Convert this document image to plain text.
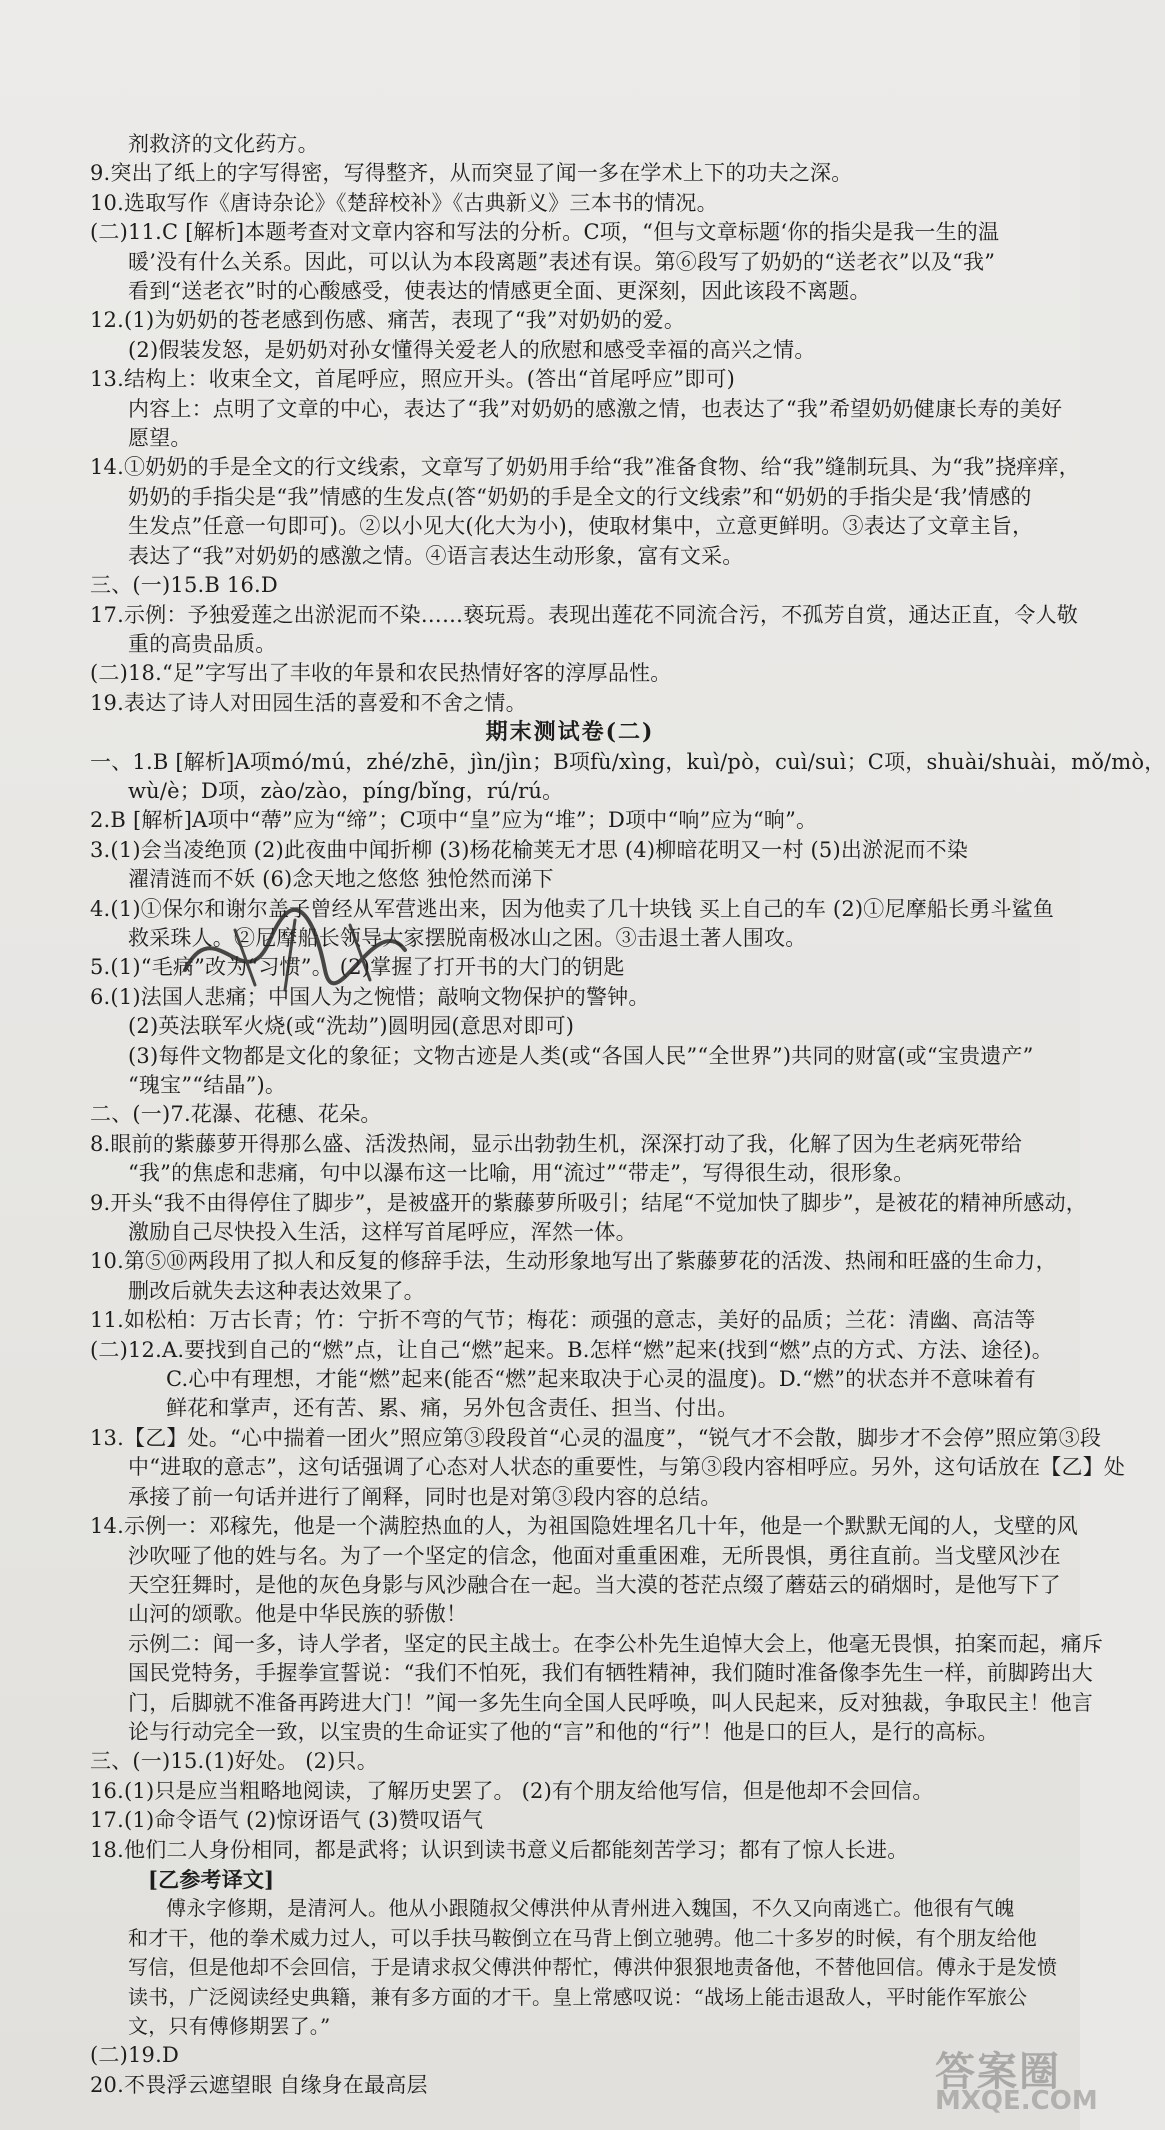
剂救济的文化药方。
9.突出了纸上的字写得密，写得整齐，从而突显了闻一多在学术上下的功夫之深。
10.选取写作《唐诗杂论》《楚辞校补》《古典新义》三本书的情况。
(二)11.C [解析]本题考查对文章内容和写法的分析。C项，“但与文章标题‘你的指尖是我一生的温
暖’没有什么关系。因此，可以认为本段离题”表述有误。第⑥段写了奶奶的“送老衣”以及“我”
看到“送老衣”时的心酸感受，使表达的情感更全面、更深刻，因此该段不离题。
12.(1)为奶奶的苍老感到伤感、痛苦，表现了“我”对奶奶的爱。
(2)假装发怒，是奶奶对孙女懂得关爱老人的欣慰和感受幸福的高兴之情。
13.结构上：收束全文，首尾呼应，照应开头。(答出“首尾呼应”即可)
内容上：点明了文章的中心，表达了“我”对奶奶的感激之情，也表达了“我”希望奶奶健康长寿的美好
愿望。
14.①奶奶的手是全文的行文线索，文章写了奶奶用手给“我”准备食物、给“我”缝制玩具、为“我”挠痒痒，
奶奶的手指尖是“我”情感的生发点(答“奶奶的手是全文的行文线索”和“奶奶的手指尖是‘我’情感的
生发点”任意一句即可)。②以小见大(化大为小)，使取材集中，立意更鲜明。③表达了文章主旨，
表达了“我”对奶奶的感激之情。④语言表达生动形象，富有文采。
三、(一)15.B 16.D
17.示例：予独爱莲之出淤泥而不染……亵玩焉。表现出莲花不同流合污，不孤芳自赏，通达正直，令人敬
重的高贵品质。
(二)18.“足”字写出了丰收的年景和农民热情好客的淳厚品性。
19.表达了诗人对田园生活的喜爱和不舍之情。
期末测试卷(二)
一、1.B [解析]A项mó/mú，zhé/zhē，jìn/jìn；B项fù/xìng，kuì/pò，cuì/suì；C项，shuài/shuài，mǒ/mò，
wù/è；D项，zào/zào，píng/bǐng，rú/rú。
2.B [解析]A项中“蔕”应为“缔”；C项中“皇”应为“堆”；D项中“响”应为“晌”。
3.(1)会当凌绝顶 (2)此夜曲中闻折柳 (3)杨花榆荚无才思 (4)柳暗花明又一村 (5)出淤泥而不染
濯清涟而不妖 (6)念天地之悠悠 独怆然而涕下
4.(1)①保尔和谢尔盖子曾经从军营逃出来，因为他卖了几十块钱 买上自己的车 (2)①尼摩船长勇斗鲨鱼
救采珠人。②尼摩船长领导大家摆脱南极冰山之困。③击退土著人围攻。
5.(1)“毛病”改为“习惯”。 (2)掌握了打开书的大门的钥匙
6.(1)法国人悲痛；中国人为之惋惜；敲响文物保护的警钟。
(2)英法联军火烧(或“洗劫”)圆明园(意思对即可)
(3)每件文物都是文化的象征；文物古迹是人类(或“各国人民”“全世界”)共同的财富(或“宝贵遗产”
“瑰宝”“结晶”)。
二、(一)7.花瀑、花穗、花朵。
8.眼前的紫藤萝开得那么盛、活泼热闹，显示出勃勃生机，深深打动了我，化解了因为生老病死带给
“我”的焦虑和悲痛，句中以瀑布这一比喻，用“流过”“带走”，写得很生动，很形象。
9.开头“我不由得停住了脚步”，是被盛开的紫藤萝所吸引；结尾“不觉加快了脚步”，是被花的精神所感动，
激励自己尽快投入生活，这样写首尾呼应，浑然一体。
10.第⑤⑩两段用了拟人和反复的修辞手法，生动形象地写出了紫藤萝花的活泼、热闹和旺盛的生命力，
删改后就失去这种表达效果了。
11.如松柏：万古长青；竹：宁折不弯的气节；梅花：顽强的意志，美好的品质；兰花：清幽、高洁等
(二)12.A.要找到自己的“燃”点，让自己“燃”起来。B.怎样“燃”起来(找到“燃”点的方式、方法、途径)。
C.心中有理想，才能“燃”起来(能否“燃”起来取决于心灵的温度)。D.“燃”的状态并不意味着有
鲜花和掌声，还有苦、累、痛，另外包含责任、担当、付出。
13.【乙】处。“心中揣着一团火”照应第③段段首“心灵的温度”，“锐气才不会散，脚步才不会停”照应第③段
中“进取的意志”，这句话强调了心态对人状态的重要性，与第③段内容相呼应。另外，这句话放在【乙】处
承接了前一句话并进行了阐释，同时也是对第③段内容的总结。
14.示例一：邓稼先，他是一个满腔热血的人，为祖国隐姓埋名几十年，他是一个默默无闻的人，戈壁的风
沙吹哑了他的姓与名。为了一个坚定的信念，他面对重重困难，无所畏惧，勇往直前。当戈壁风沙在
天空狂舞时，是他的灰色身影与风沙融合在一起。当大漠的苍茫点缀了蘑菇云的硝烟时，是他写下了
山河的颂歌。他是中华民族的骄傲！
示例二：闻一多，诗人学者，坚定的民主战士。在李公朴先生追悼大会上，他毫无畏惧，拍案而起，痛斥
国民党特务，手握拳宣誓说：“我们不怕死，我们有牺牲精神，我们随时准备像李先生一样，前脚跨出大
门，后脚就不准备再跨进大门！”闻一多先生向全国人民呼唤，叫人民起来，反对独裁，争取民主！他言
论与行动完全一致，以宝贵的生命证实了他的“言”和他的“行”！他是口的巨人，是行的高标。
三、(一)15.(1)好处。 (2)只。
16.(1)只是应当粗略地阅读，了解历史罢了。 (2)有个朋友给他写信，但是他却不会回信。
17.(1)命令语气 (2)惊讶语气 (3)赞叹语气
18.他们二人身份相同，都是武将；认识到读书意义后都能刻苦学习；都有了惊人长进。
[乙参考译文]
傅永字修期，是清河人。他从小跟随叔父傅洪仲从青州进入魏国，不久又向南逃亡。他很有气魄
和才干，他的拳术威力过人，可以手扶马鞍倒立在马背上倒立驰骋。他二十多岁的时候，有个朋友给他
写信，但是他却不会回信，于是请求叔父傅洪仲帮忙，傅洪仲狠狠地责备他，不替他回信。傅永于是发愤
读书，广泛阅读经史典籍，兼有多方面的才干。皇上常感叹说：“战场上能击退敌人，平时能作军旅公
文，只有傅修期罢了。”
(二)19.D
20.不畏浮云遮望眼 自缘身在最高层	答案圈
MXQE.COM
